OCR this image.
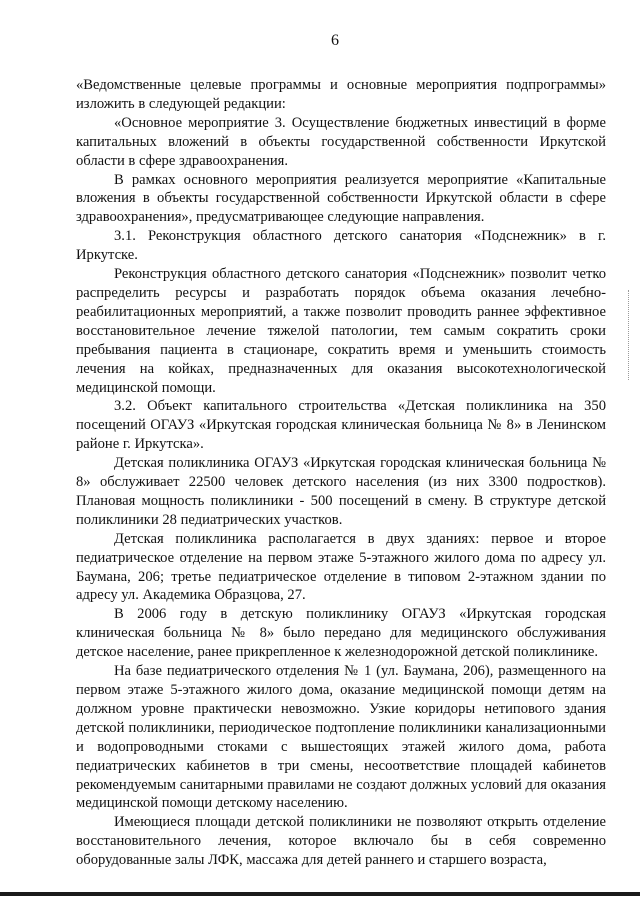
6

«Ведомственные целевые программы и основные мероприятия подпрограммы» изложить в следующей редакции:

«Основное мероприятие 3. Осуществление бюджетных инвестиций в форме капитальных вложений в объекты государственной собственности Иркутской области в сфере здравоохранения.

В рамках основного мероприятия реализуется мероприятие «Капитальные вложения в объекты государственной собственности Иркутской области в сфере здравоохранения», предусматривающее следующие направления.

3.1. Реконструкция областного детского санатория «Подснежник» в г. Иркутске.

Реконструкция областного детского санатория «Подснежник» позволит четко распределить ресурсы и разработать порядок объема оказания лечебно-реабилитационных мероприятий, а также позволит проводить раннее эффективное восстановительное лечение тяжелой патологии, тем самым сократить сроки пребывания пациента в стационаре, сократить время и уменьшить стоимость лечения на койках, предназначенных для оказания высокотехнологической медицинской помощи.

3.2. Объект капитального строительства «Детская поликлиника на 350 посещений ОГАУЗ «Иркутская городская клиническая больница № 8» в Ленинском районе г. Иркутска».

Детская поликлиника ОГАУЗ «Иркутская городская клиническая больница № 8» обслуживает 22500 человек детского населения (из них 3300 подростков). Плановая мощность поликлиники - 500 посещений в смену. В структуре детской поликлиники 28 педиатрических участков.

Детская поликлиника располагается в двух зданиях: первое и второе педиатрическое отделение на первом этаже 5-этажного жилого дома по адресу ул. Баумана, 206; третье педиатрическое отделение в типовом 2-этажном здании по адресу ул. Академика Образцова, 27.

В 2006 году в детскую поликлинику ОГАУЗ «Иркутская городская клиническая больница № 8» было передано для медицинского обслуживания детское население, ранее прикрепленное к железнодорожной детской поликлинике.

На базе педиатрического отделения № 1 (ул. Баумана, 206), размещенного на первом этаже 5-этажного жилого дома, оказание медицинской помощи детям на должном уровне практически невозможно. Узкие коридоры нетипового здания детской поликлиники, периодическое подтопление поликлиники канализационными и водопроводными стоками с вышестоящих этажей жилого дома, работа педиатрических кабинетов в три смены, несоответствие площадей кабинетов рекомендуемым санитарными правилами не создают должных условий для оказания медицинской помощи детскому населению.

Имеющиеся площади детской поликлиники не позволяют открыть отделение восстановительного лечения, которое включало бы в себя современно оборудованные залы ЛФК, массажа для детей раннего и старшего возраста,
